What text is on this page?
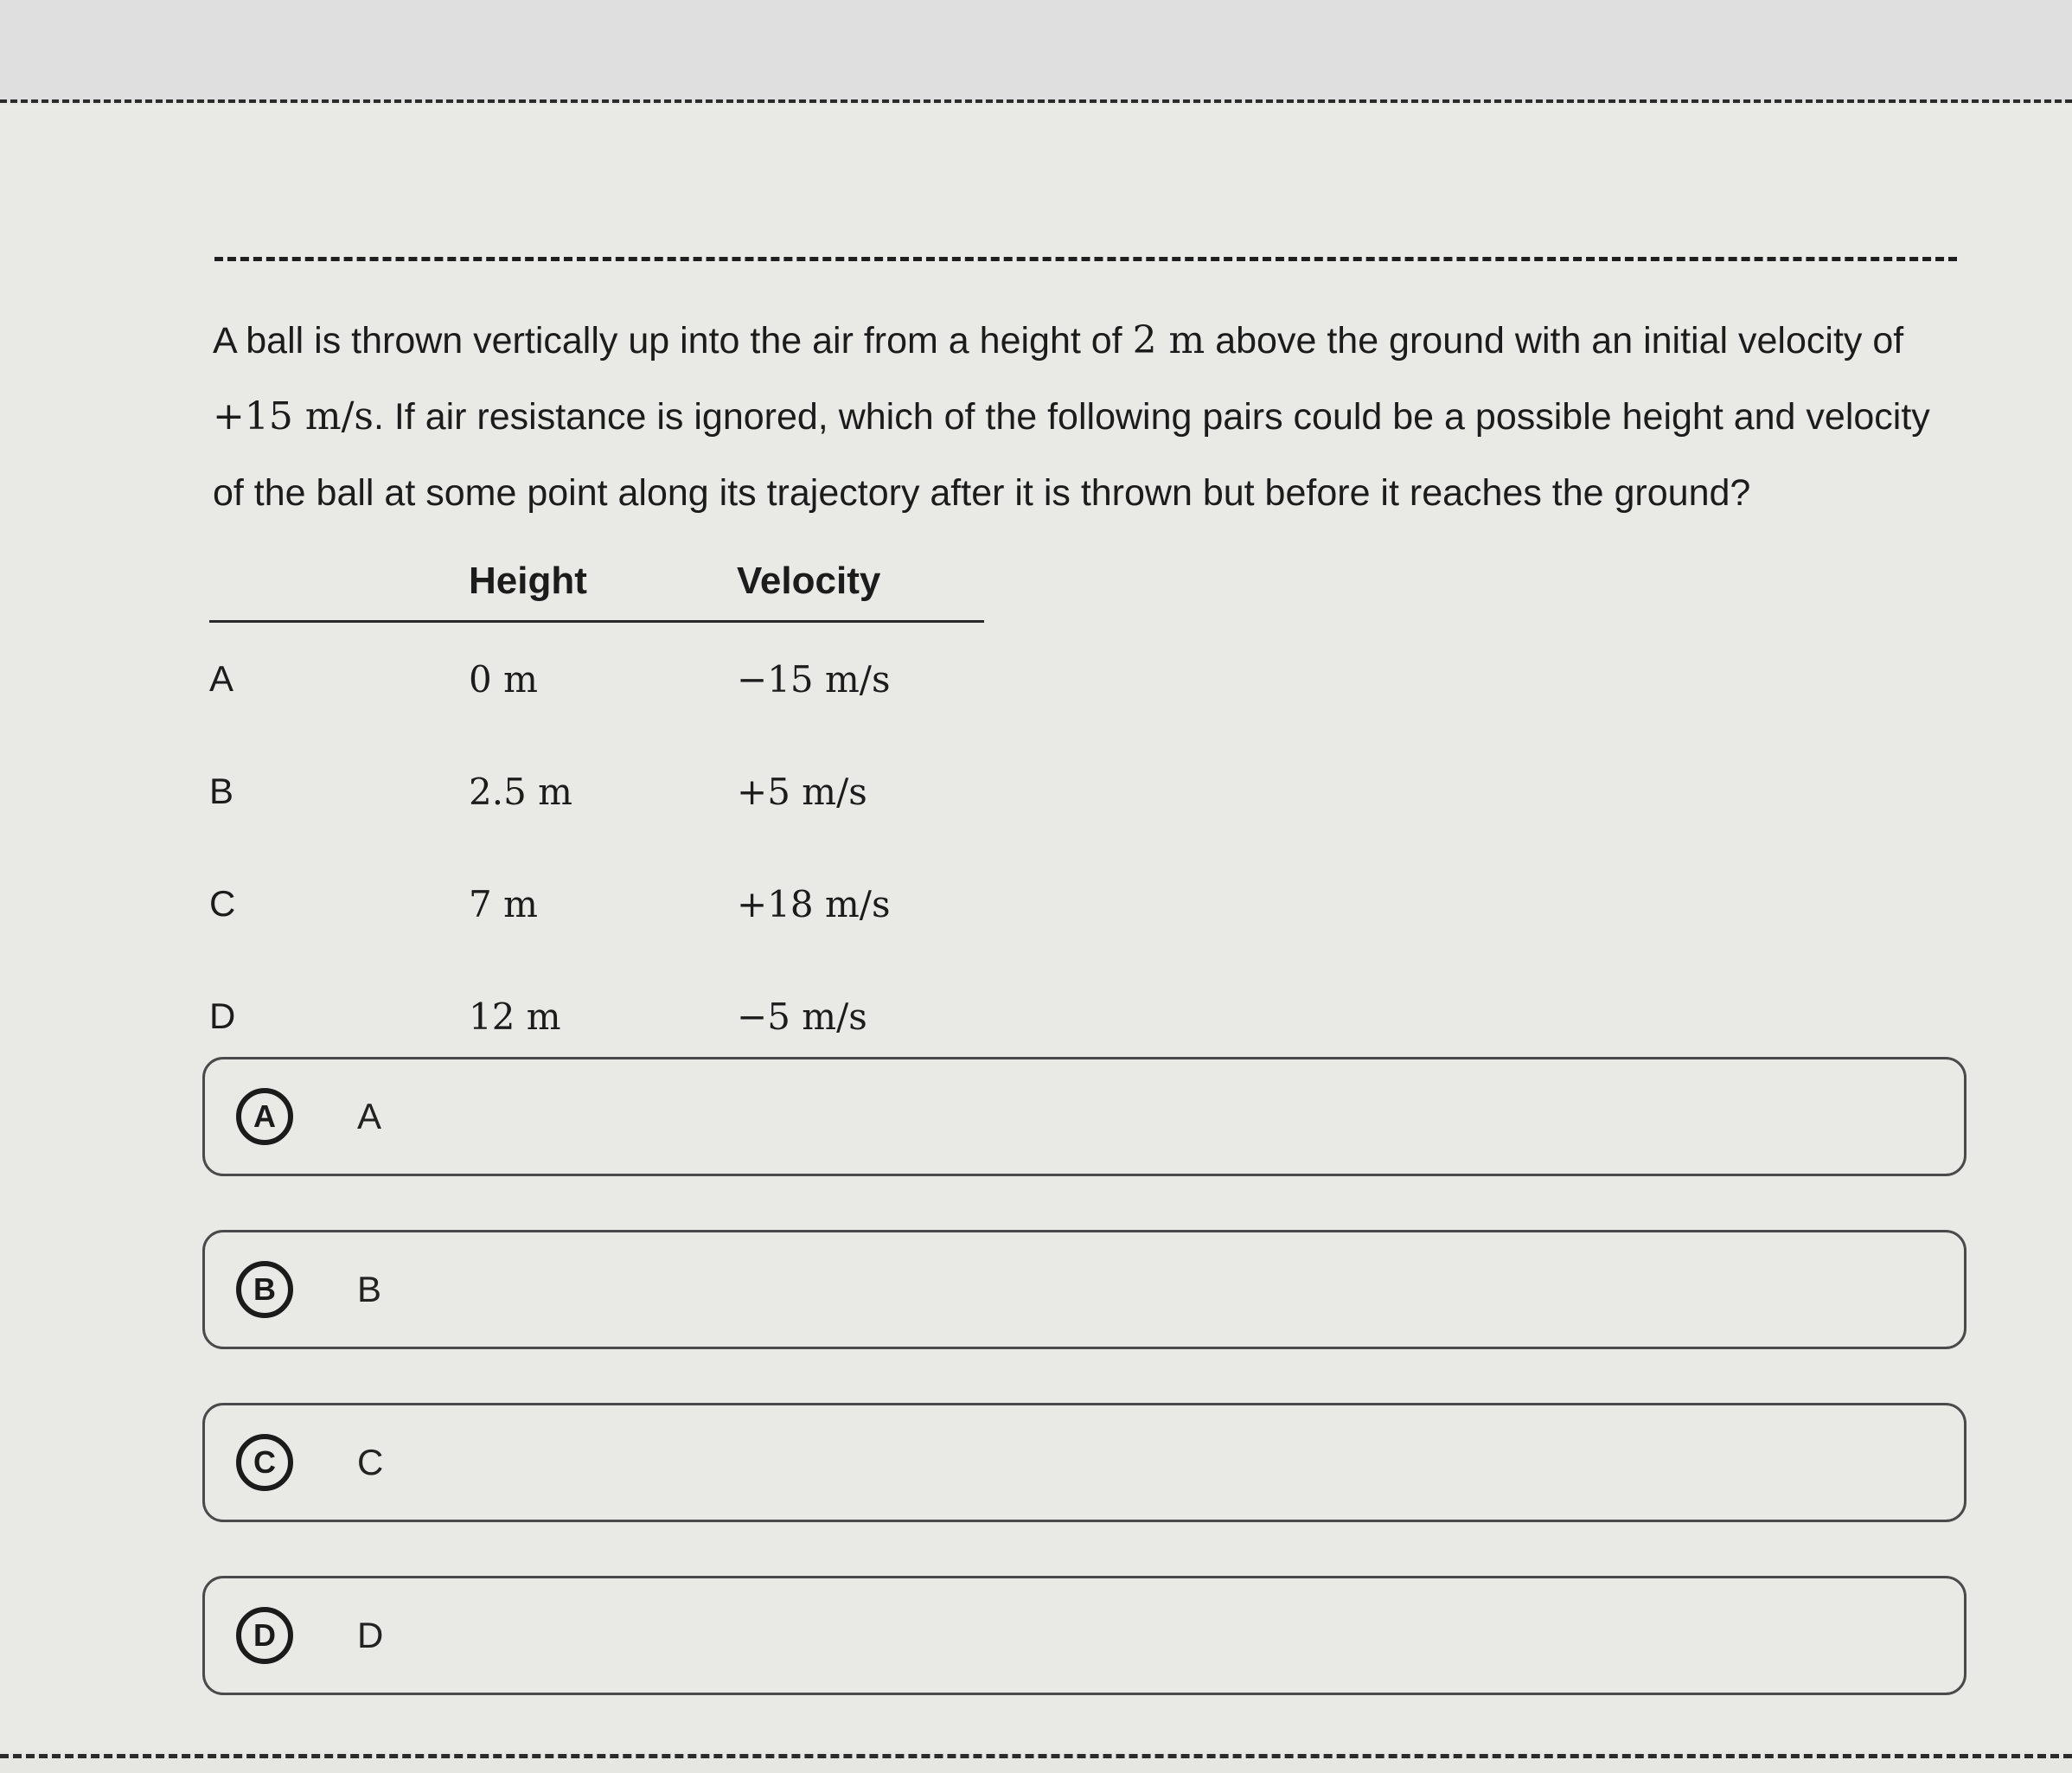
A ball is thrown vertically up into the air from a height of 2 m above the ground with an initial velocity of +15 m/s. If air resistance is ignored, which of the following pairs could be a possible height and velocity of the ball at some point along its trajectory after it is thrown but before it reaches the ground?

	Height	Velocity
A	0 m	−15 m/s
B	2.5 m	+5 m/s
C	7 m	+18 m/s
D	12 m	−5 m/s
A	A
B	B
C	C
D	D
